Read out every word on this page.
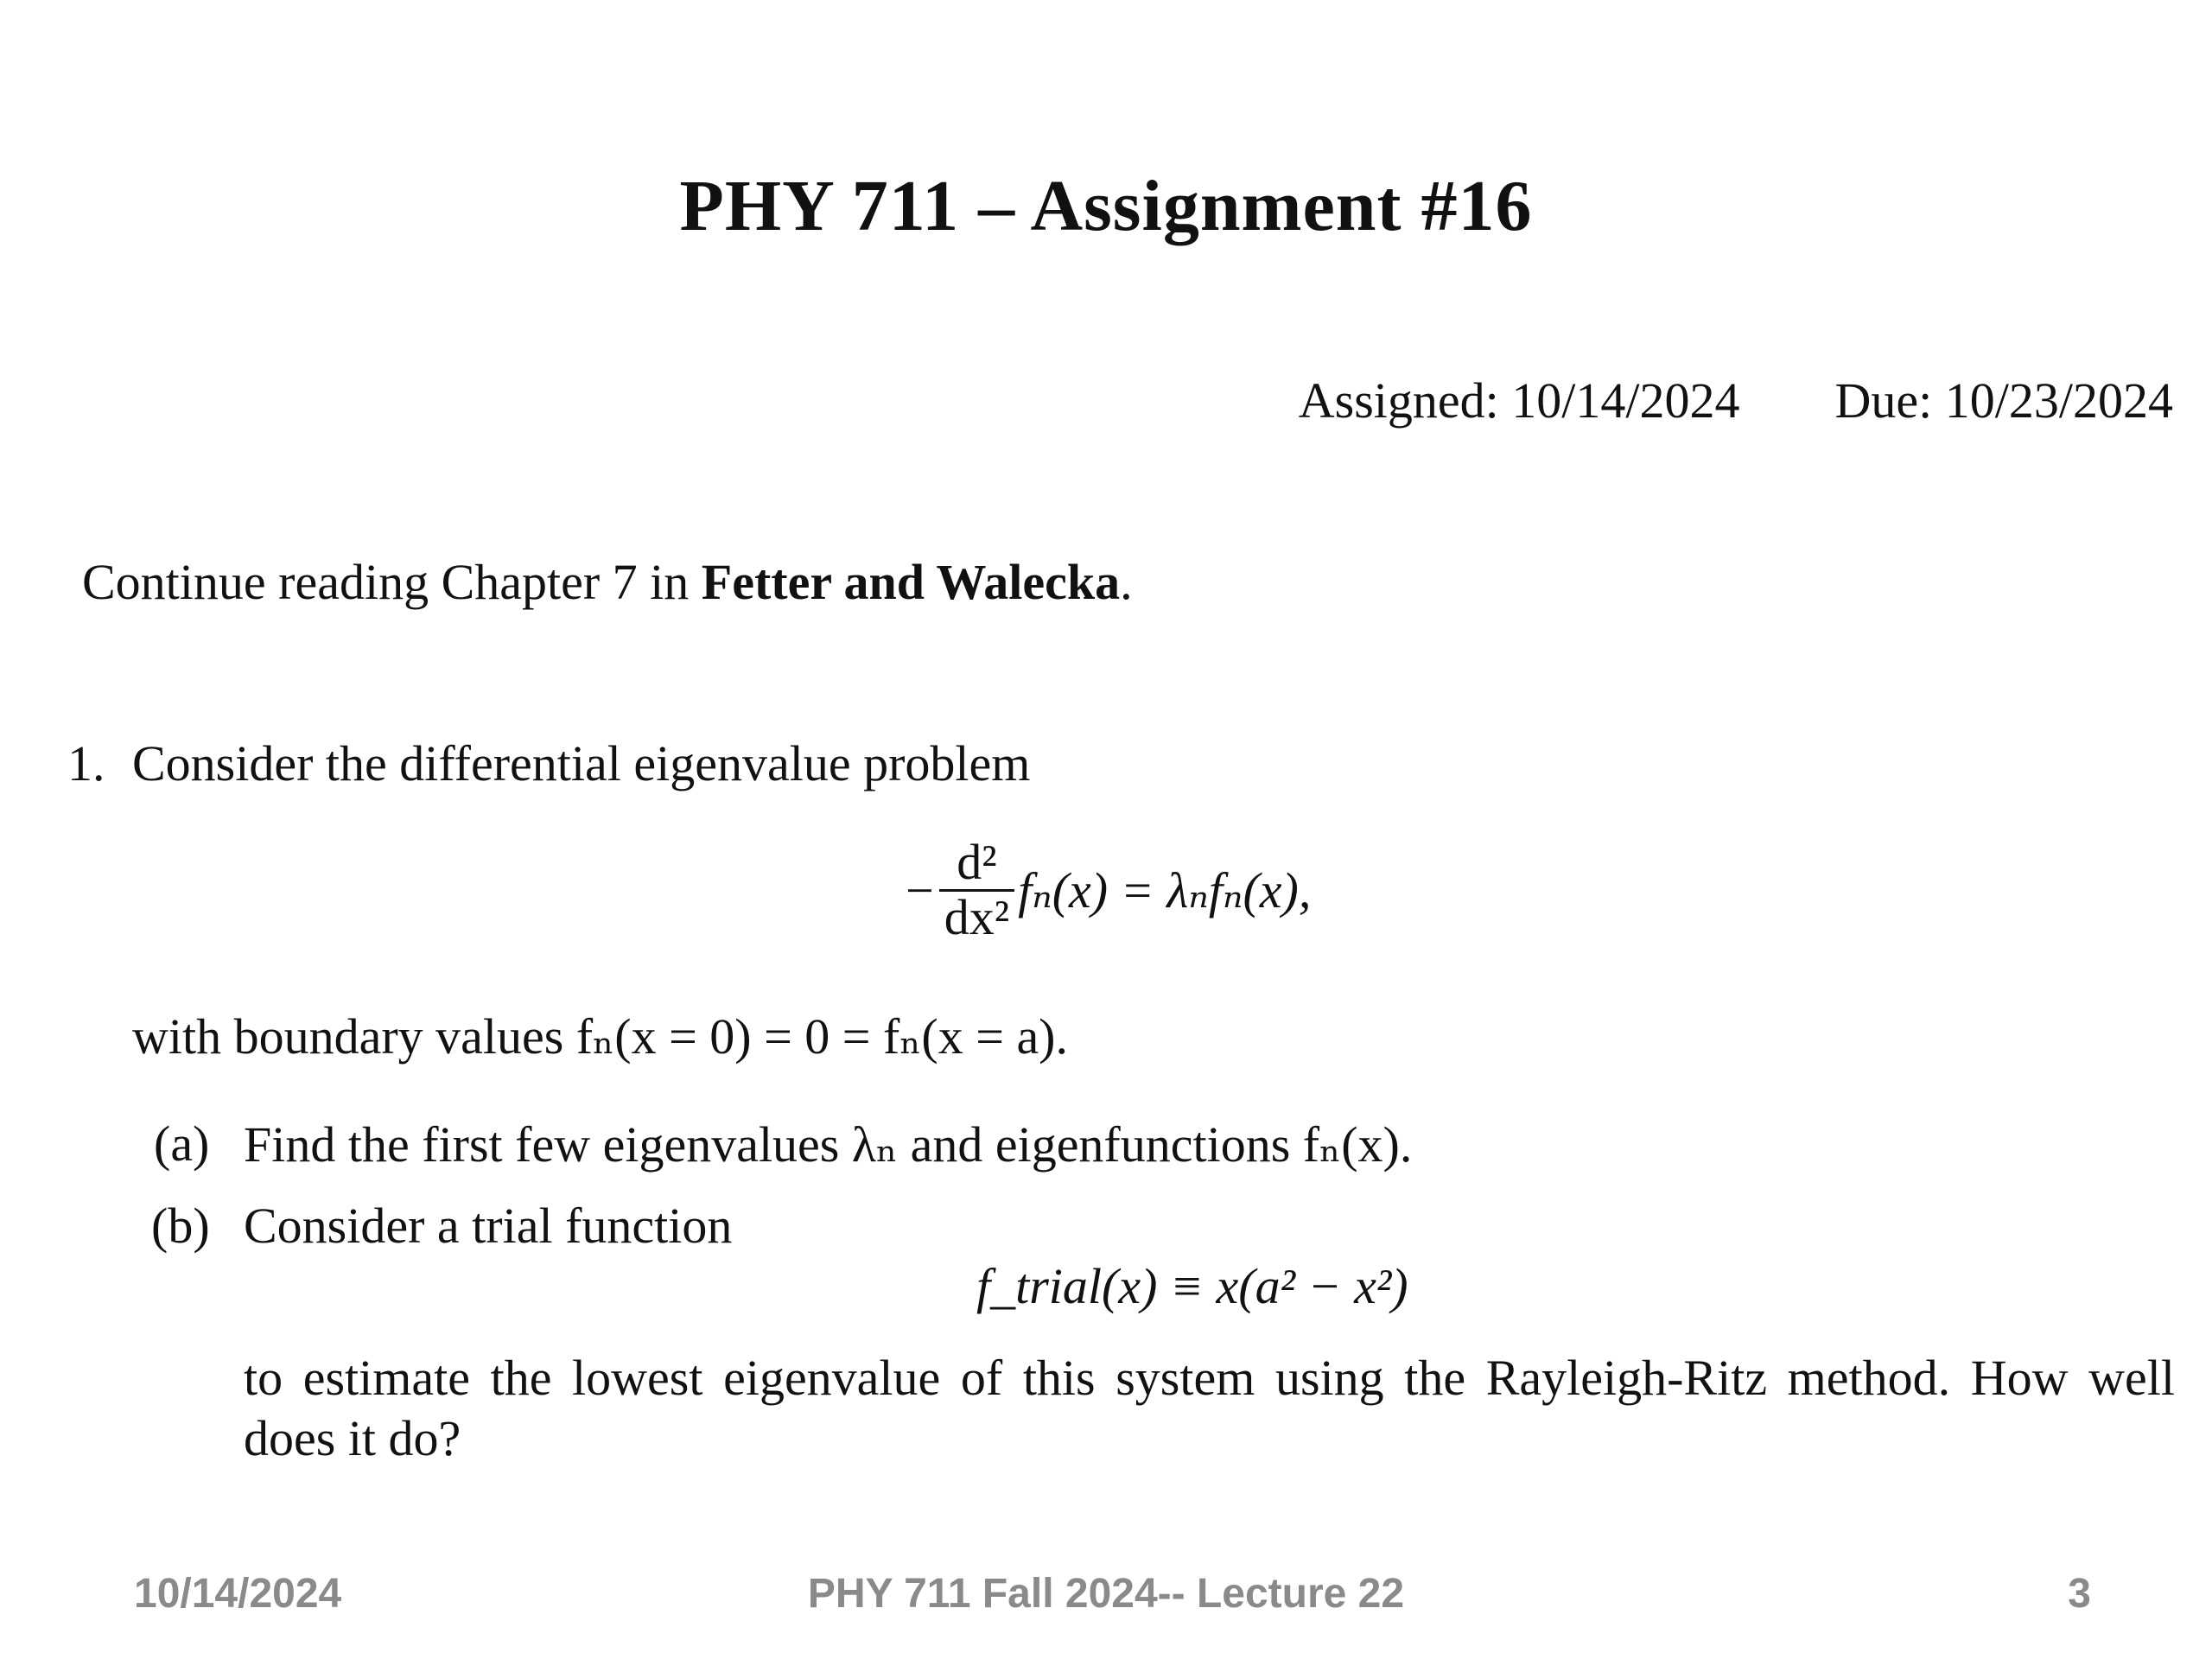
PHY 711 – Assignment #16
Assigned: 10/14/2024 Due: 10/23/2024
Continue reading Chapter 7 in Fetter and Walecka.
1. Consider the differential eigenvalue problem
− $\frac{\text{d²}}{\text{dx²}} f_n(x) = \lambda_nf_n(x)$,
with boundary values fₙ(x = 0) = 0 = fₙ(x = a).
(a) Find the first few eigenvalues λₙ and eigenfunctions fₙ(x).
(b) Consider a trial function
f_trial(x) ≡ x(a² − x²)
to estimate the lowest eigenvalue of this system using the Rayleigh-Ritz method. How well does it do?
10/14/2024	PHY 711 Fall 2024-- Lecture 22	3
